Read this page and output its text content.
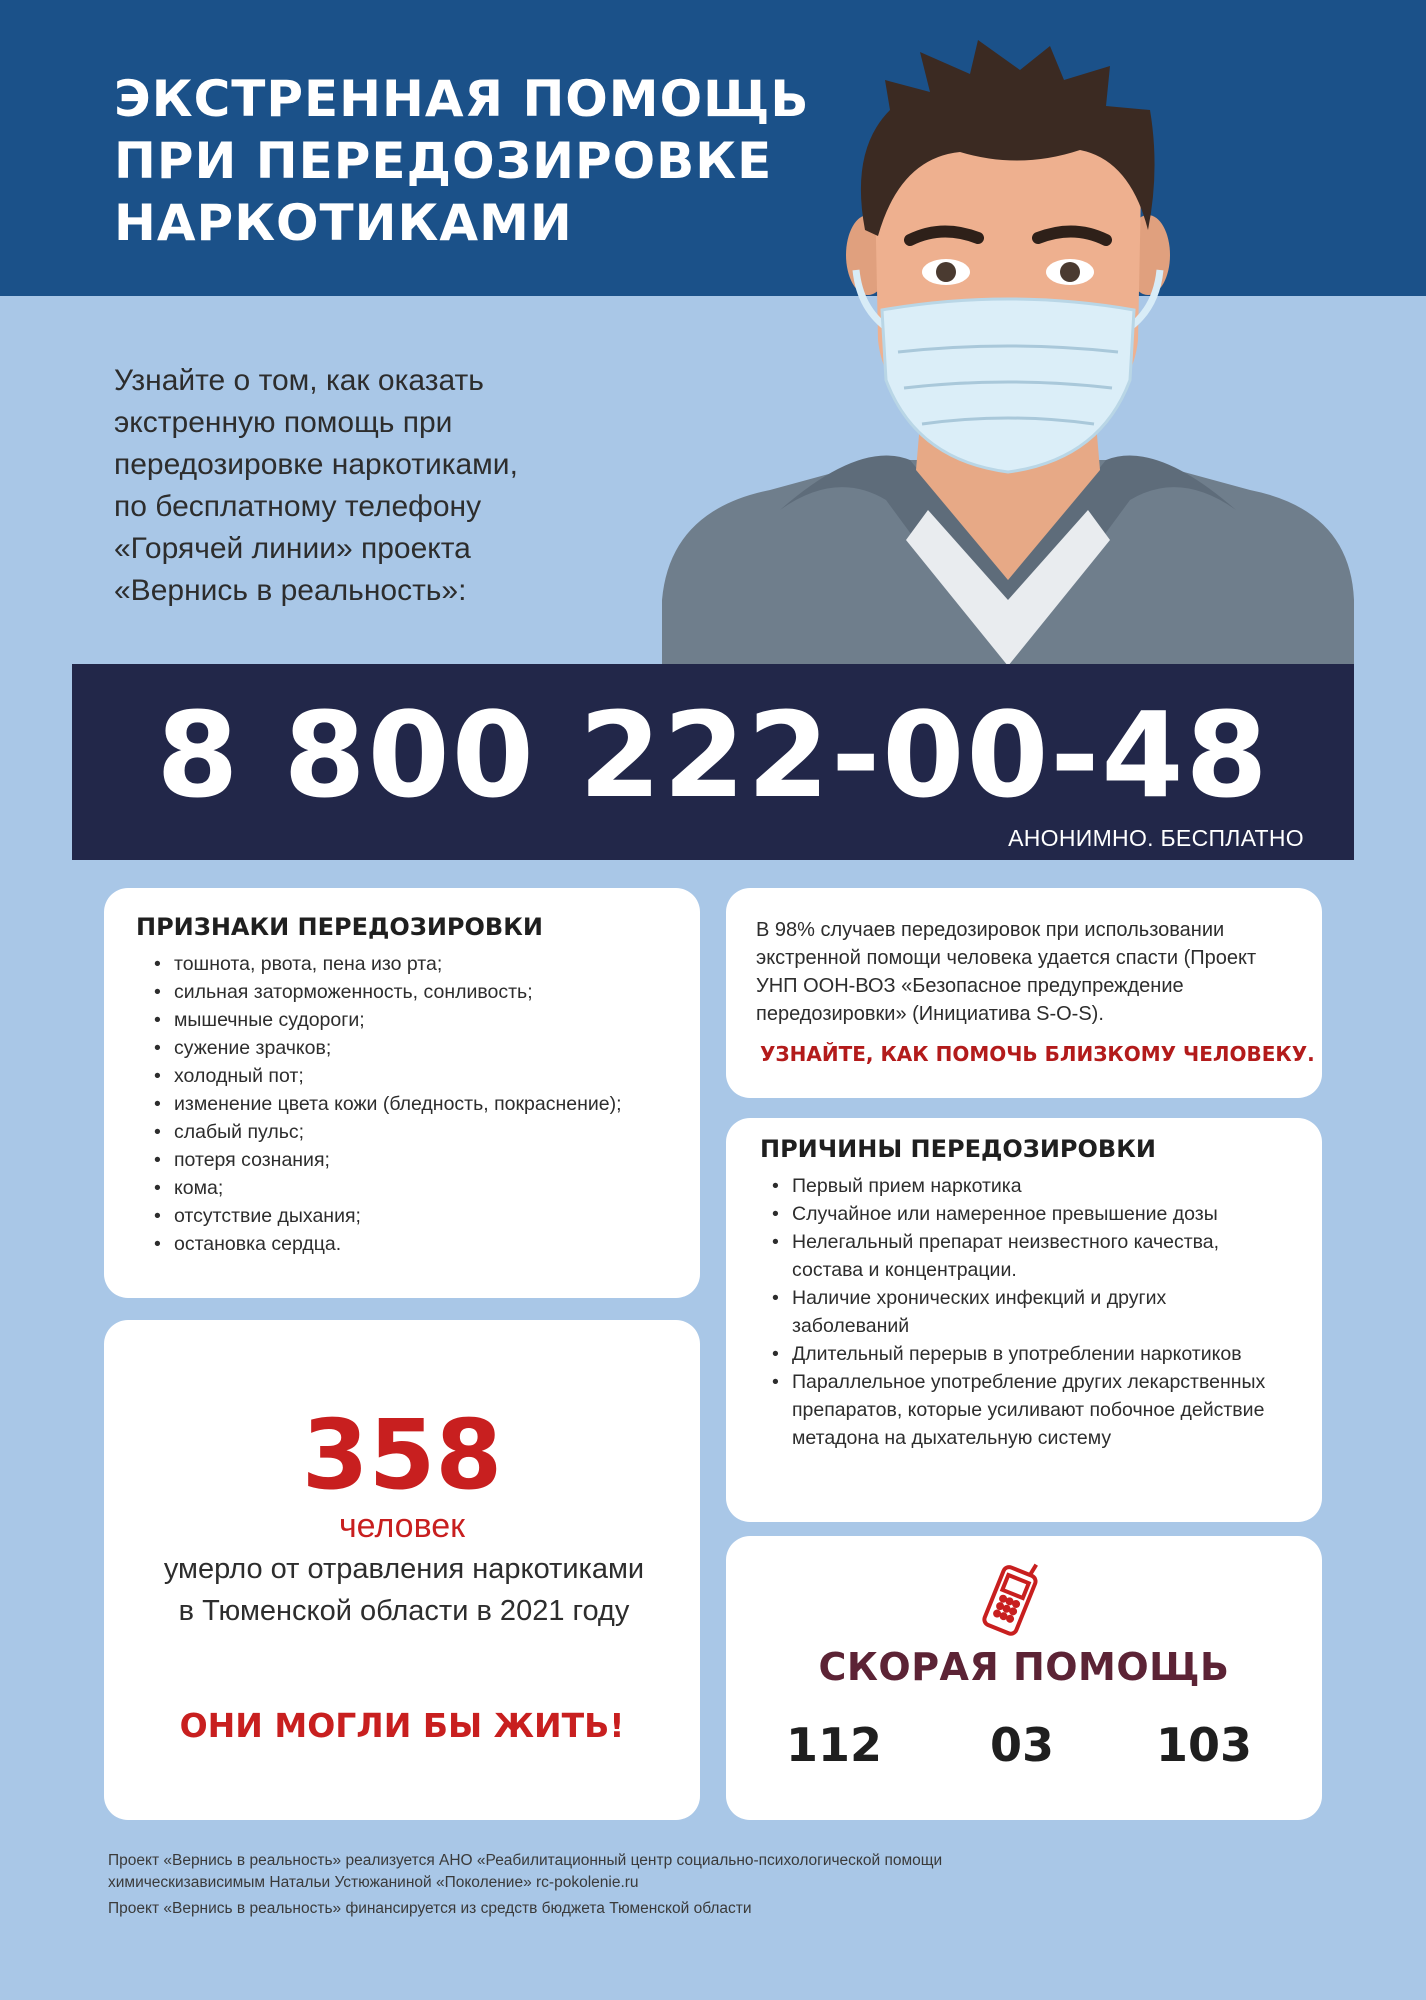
ЭКСТРЕННАЯ ПОМОЩЬ
ПРИ ПЕРЕДОЗИРОВКЕ
НАРКОТИКАМИ

Узнайте о том, как оказать
экстренную помощь при
передозировке наркотиками,
по бесплатному телефону
«Горячей линии» проекта
«Вернись в реальность»:

8 800 222-00-48
АНОНИМНО. БЕСПЛАТНО
ПРИЗНАКИ ПЕРЕДОЗИРОВКИ
• тошнота, рвота, пена изо рта;
• сильная заторможенность, сонливость;
• мышечные судороги;
• сужение зрачков;
• холодный пот;
• изменение цвета кожи (бледность, покраснение);
• слабый пульс;
• потеря сознания;
• кома;
• отсутствие дыхания;
• остановка сердца.

В 98% случаев передозировок при использовании экстренной помощи человека удается спасти (Проект УНП ООН-ВОЗ «Безопасное предупреждение передозировки» (Инициатива S-O-S).

УЗНАЙТЕ, КАК ПОМОЧЬ БЛИЗКОМУ ЧЕЛОВЕКУ.
ПРИЧИНЫ ПЕРЕДОЗИРОВКИ
• Первый прием наркотика
• Случайное или намеренное превышение дозы
• Нелегальный препарат неизвестного качества, состава и концентрации.
• Наличие хронических инфекций и других заболеваний
• Длительный перерыв в употреблении наркотиков
• Параллельное употребление других лекарственных препаратов, которые усиливают побочное действие метадона на дыхательную систему
358
человек
умерло от отравления наркотиками
в Тюменской области в 2021 году
ОНИ МОГЛИ БЫ ЖИТЬ!
СКОРАЯ ПОМОЩЬ
112 03 103

Проект «Вернись в реальность» реализуется АНО «Реабилитационный центр социально-психологической помощи химическизависимым Натальи Устюжаниной «Поколение» rc-pokolenie.ru

Проект «Вернись в реальность» финансируется из средств бюджета Тюменской области
